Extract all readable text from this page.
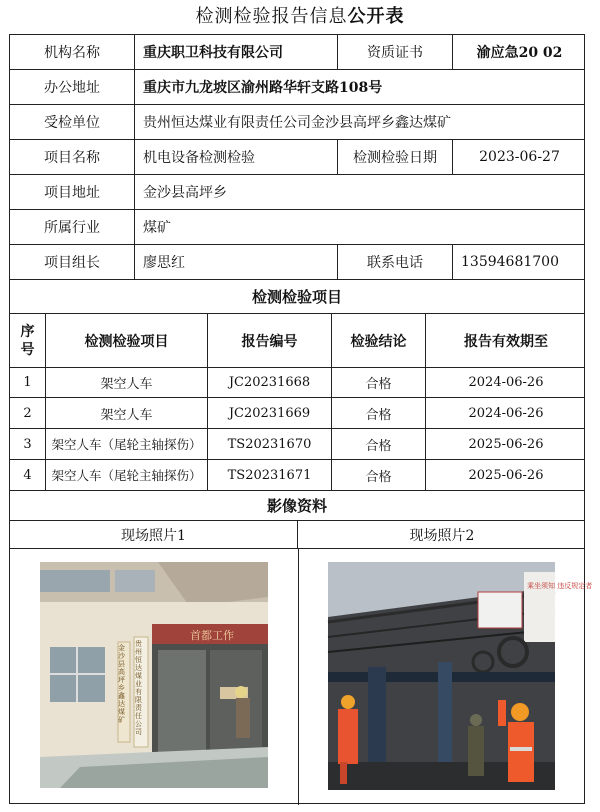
检测检验报告信息公开表
机构名称	重庆职卫科技有限公司	资质证书	渝应急20 02
办公地址	重庆市九龙坡区渝州路华轩支路108号
受检单位	贵州恒达煤业有限责任公司金沙县高坪乡鑫达煤矿
项目名称	机电设备检测检验	检测检验日期	2023-06-27
项目地址	金沙县高坪乡
所属行业	煤矿
项目组长	廖思红	联系电话	13594681700
检测检验项目
序
号	检测检验项目	报告编号	检验结论	报告有效期至
1	架空人车	JC20231668	合格	2024-06-26
2	架空人车	JC20231669	合格	2024-06-26
3	架空人车（尾轮主轴探伤）	TS20231670	合格	2025-06-26
4	架空人车（尾轮主轴探伤）	TS20231671	合格	2025-06-26
影像资料
现场照片1	现场照片2
首都工作
金沙县高坪乡鑫达煤矿
贵州恒达煤业有限责任公司
乘坐须知 违反规定者
